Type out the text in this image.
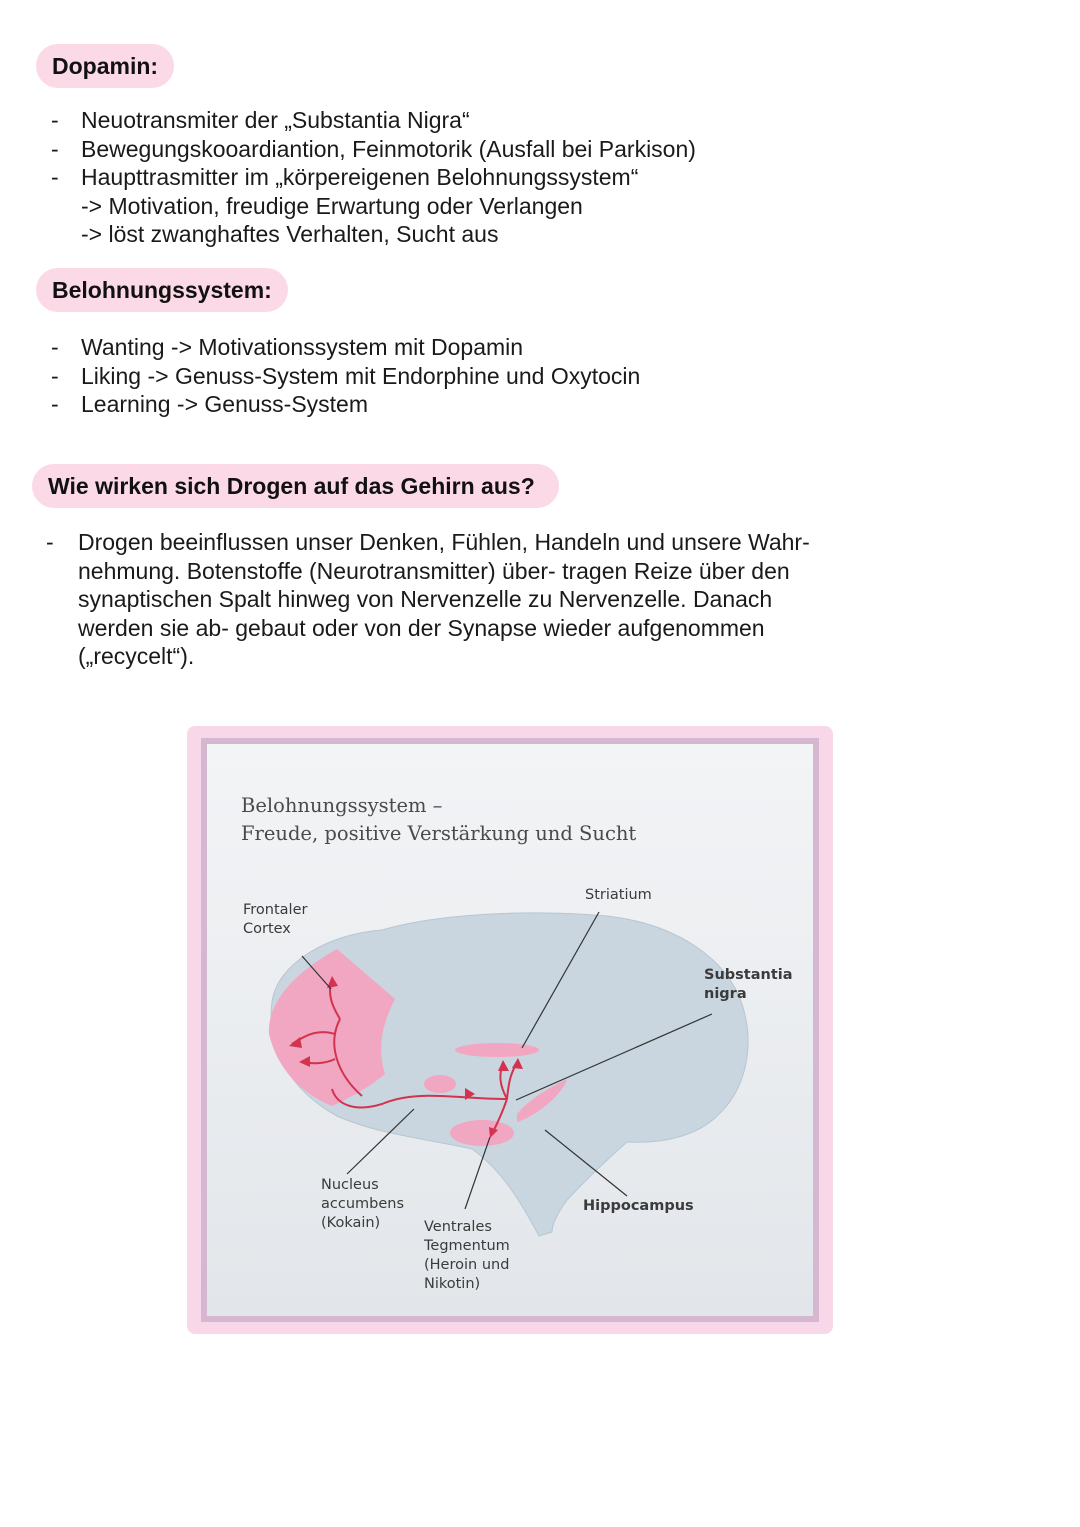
Dopamin:
- Neuotransmiter der „Substantia Nigra“
- Bewegungskooardiantion, Feinmotorik (Ausfall bei Parkison)
- Haupttrasmitter im „körpereigenen Belohnungssystem“
-> Motivation, freudige Erwartung oder Verlangen
-> löst zwanghaftes Verhalten, Sucht aus
Belohnungssystem:
- Wanting -> Motivationssystem mit Dopamin
- Liking -> Genuss-System mit Endorphine und Oxytocin
- Learning -> Genuss-System
Wie wirken sich Drogen auf das Gehirn aus?
- Drogen beeinflussen unser Denken, Fühlen, Handeln und unsere Wahr- nehmung. Botenstoffe (Neurotransmitter) über- tragen Reize über den synaptischen Spalt hinweg von Nervenzelle zu Nervenzelle. Danach werden sie ab- gebaut oder von der Synapse wieder aufgenommen („recycelt“).
Belohnungssystem –
Freude, positive Verstärkung und Sucht
Frontaler
Cortex
Striatium
Substantia
nigra
Nucleus
accumbens
(Kokain)	Ventrales
Tegmentum
(Heroin und
Nikotin)
Hippocampus
